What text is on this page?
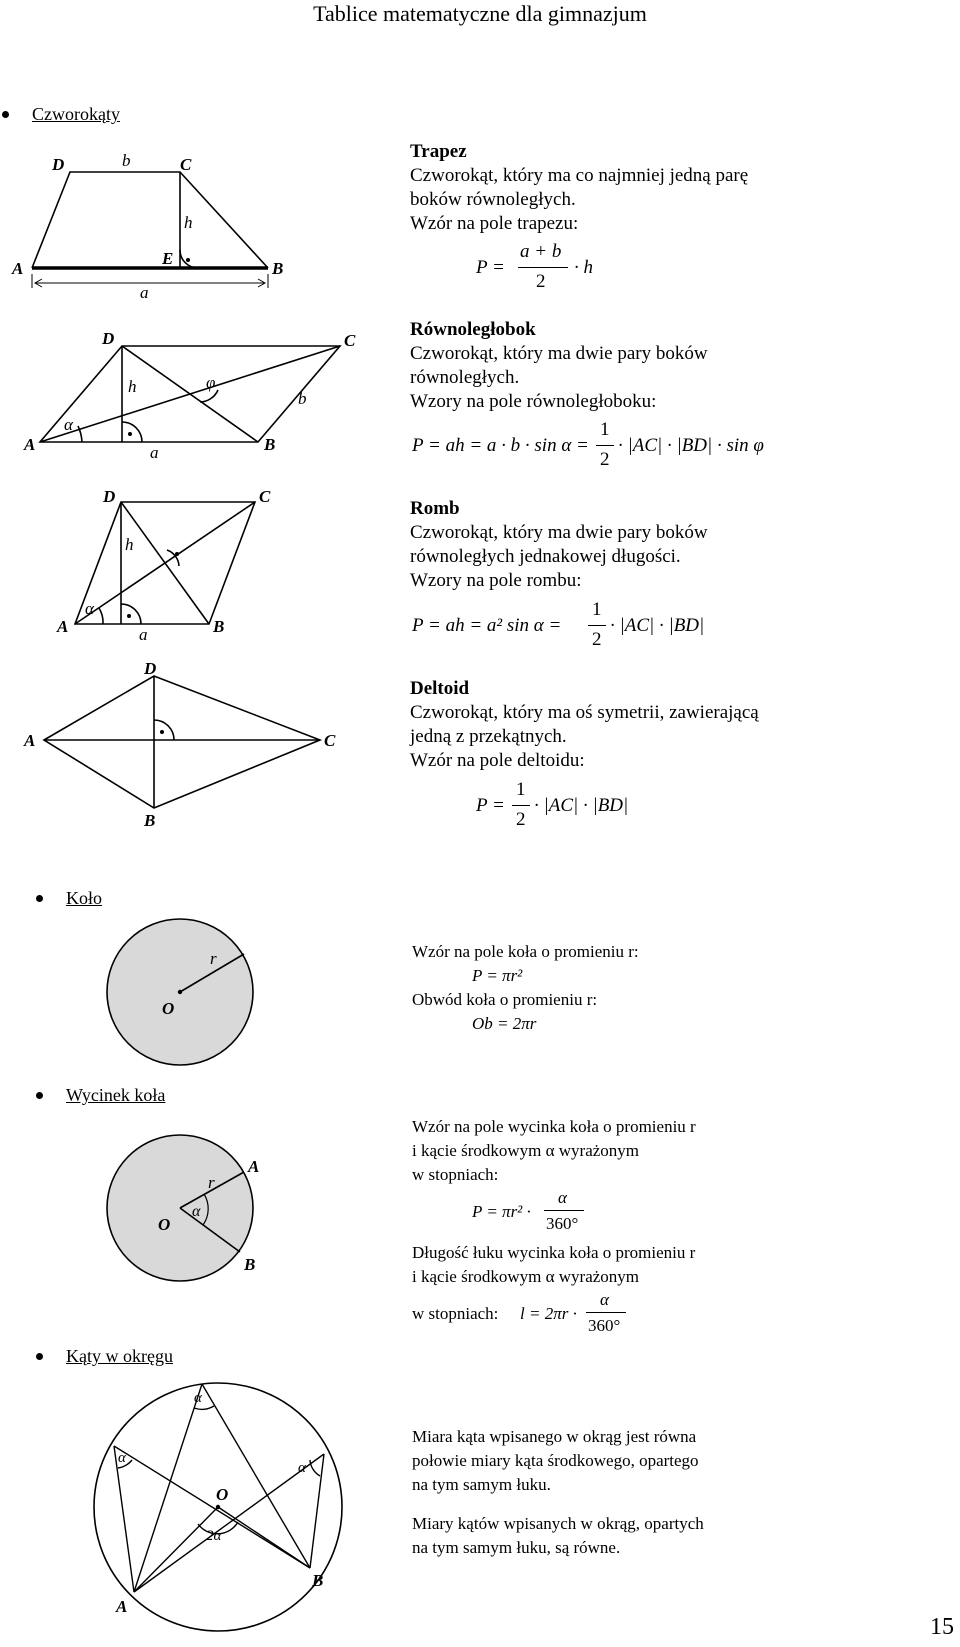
Tablice matematyczne dla gimnazjum
Czworokąty
D	C
A	B
E
b
h
a
Trapez
Czworokąt, który ma co najmniej jedną parę
boków równoległych.
Wzór na pole trapezu:
P =
a + b
2
· h
D	C
A	B
h
a
b
α
φ
Równoległobok
Czworokąt, który ma dwie pary boków
równoległych.
Wzory na pole równoległoboku:
P = ah = a · b · sin α =
1
2
· |AC| · |BD| · sin φ
D	C
A	B
h
a
α
Romb
Czworokąt, który ma dwie pary boków
równoległych jednakowej długości.
Wzory na pole rombu:
P = ah = a² sin α =
1
2
· |AC| · |BD|
D
C
A
B
Deltoid
Czworokąt, który ma oś symetrii, zawierającą
jedną z przekątnych.
Wzór na pole deltoidu:
P =
1
2
· |AC| · |BD|
Koło
O
r	Wzór na pole koła o promieniu r:
P = πr²
Obwód koła o promieniu r:
Ob = 2πr
Wycinek koła
O
A
B
r
α
Wzór na pole wycinka koła o promieniu r
i kącie środkowym α wyrażonym
w stopniach:
P = πr² ·
α
360°
Długość łuku wycinka koła o promieniu r
i kącie środkowym α wyrażonym
w stopniach: l = 2πr ·
α
360°
Kąty w okręgu
α
α
α
2α
O
A
B
Miara kąta wpisanego w okrąg jest równa
połowie miary kąta środkowego, opartego
na tym samym łuku.
Miary kątów wpisanych w okrąg, opartych
na tym samym łuku, są równe.
15
